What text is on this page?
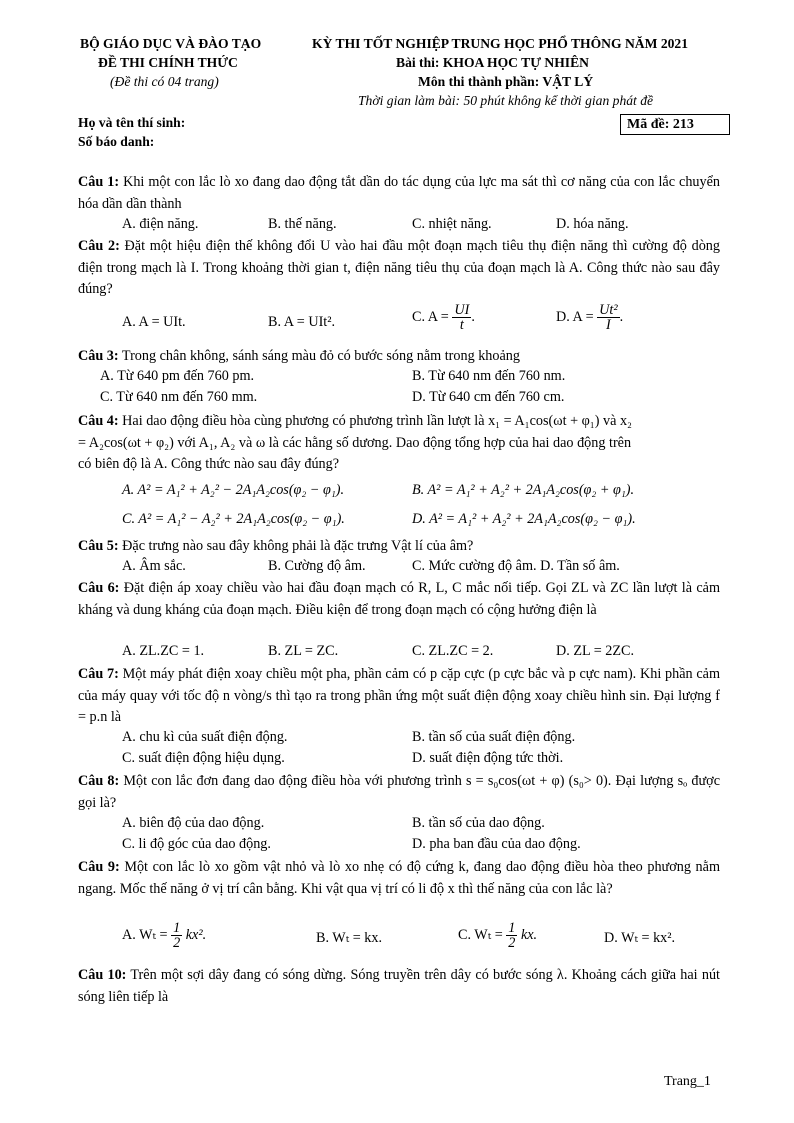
BỘ GIÁO DỤC VÀ ĐÀO TẠO
ĐỀ THI CHÍNH THỨC
(Đề thi có 04 trang)
KỲ THI TỐT NGHIỆP TRUNG HỌC PHỔ THÔNG NĂM 2021
Bài thi: KHOA HỌC TỰ NHIÊN
Môn thi thành phần: VẬT LÝ
Thời gian làm bài: 50 phút không kể thời gian phát đề
Họ và tên thí sinh:
Số báo danh:
Mã đề: 213
Câu 1: Khi một con lắc lò xo đang dao động tắt dần do tác dụng của lực ma sát thì cơ năng của con lắc chuyển hóa dần dần thành
A. điện năng.	B. thế năng.	C. nhiệt năng.	D. hóa năng.
Câu 2: Đặt một hiệu điện thế không đổi U vào hai đầu một đoạn mạch tiêu thụ điện năng thì cường độ dòng điện trong mạch là I. Trong khoảng thời gian t, điện năng tiêu thụ của đoạn mạch là A. Công thức nào sau đây đúng?
A. A = UIt.	B. A = UIt².	C. $A = \frac{UI}{t}$ .	D. $A = \frac{\text{Ut²}}{I}$ .
Câu 3: Trong chân không, sánh sáng màu đỏ có bước sóng nằm trong khoảng
A. Từ 640 pm đến 760 pm.	B. Từ 640 nm đến 760 nm.
C. Từ 640 nm đến 760 mm.	D. Từ 640 cm đến 760 cm.
Câu 4: Hai dao động điều hòa cùng phương có phương trình lần lượt là x₁ = A₁cos(ωt + φ₁) và x₂
= A₂cos(ωt + φ₂) với A₁, A₂ và ω là các hằng số dương. Dao động tổng hợp của hai dao động trên
có biên độ là A. Công thức nào sau đây đúng?
A. A² = A₁² + A₂² − 2A₁A₂cos(φ₂ − φ₁).	B. A² = A₁² + A₂² + 2A₁A₂cos(φ₂ + φ₁).
C. A² = A₁² − A₂² + 2A₁A₂cos(φ₂ − φ₁).	D. A² = A₁² + A₂² + 2A₁A₂cos(φ₂ − φ₁).
Câu 5: Đặc trưng nào sau đây không phải là đặc trưng Vật lí của âm?
A. Âm sắc.	B. Cường độ âm.	C. Mức cường độ âm. D. Tần số âm.
Câu 6: Đặt điện áp xoay chiều vào hai đầu đoạn mạch có R, L, C mắc nối tiếp. Gọi ZL và ZC lần lượt là cảm kháng và dung kháng của đoạn mạch. Điều kiện để trong đoạn mạch có cộng hưởng điện là
A. ZL.ZC = 1.	B. ZL = ZC.	C. ZL.ZC = 2.	D. ZL = 2ZC.
Câu 7: Một máy phát điện xoay chiều một pha, phần cảm có p cặp cực (p cực bắc và p cực nam). Khi phần cảm của máy quay với tốc độ n vòng/s thì tạo ra trong phần ứng một suất điện động xoay chiều hình sin. Đại lượng f = p.n là
A. chu kì của suất điện động.	B. tần số của suất điện động.
C. suất điện động hiệu dụng.	D. suất điện động tức thời.
Câu 8: Một con lắc đơn đang dao động điều hòa với phương trình s = s₀cos(ωt + φ) (s₀> 0). Đại lượng sₒ được gọi là?
A. biên độ của dao động.	B. tần số của dao động.
C. li độ góc của dao động.	D. pha ban đầu của dao động.
Câu 9: Một con lắc lò xo gồm vật nhỏ và lò xo nhẹ có độ cứng k, đang dao động điều hòa theo phương nằm ngang. Mốc thế năng ở vị trí cân bằng. Khi vật qua vị trí có li độ x thì thế năng của con lắc là?
A. $W_t = \frac{1}{2} kx^2$.	B. Wₜ = kx.	C. $W_t = \frac{1}{2}$ kx.	D. Wₜ = kx².
Câu 10: Trên một sợi dây đang có sóng dừng. Sóng truyền trên dây có bước sóng λ. Khoảng cách giữa hai nút sóng liên tiếp là
Trang_1
